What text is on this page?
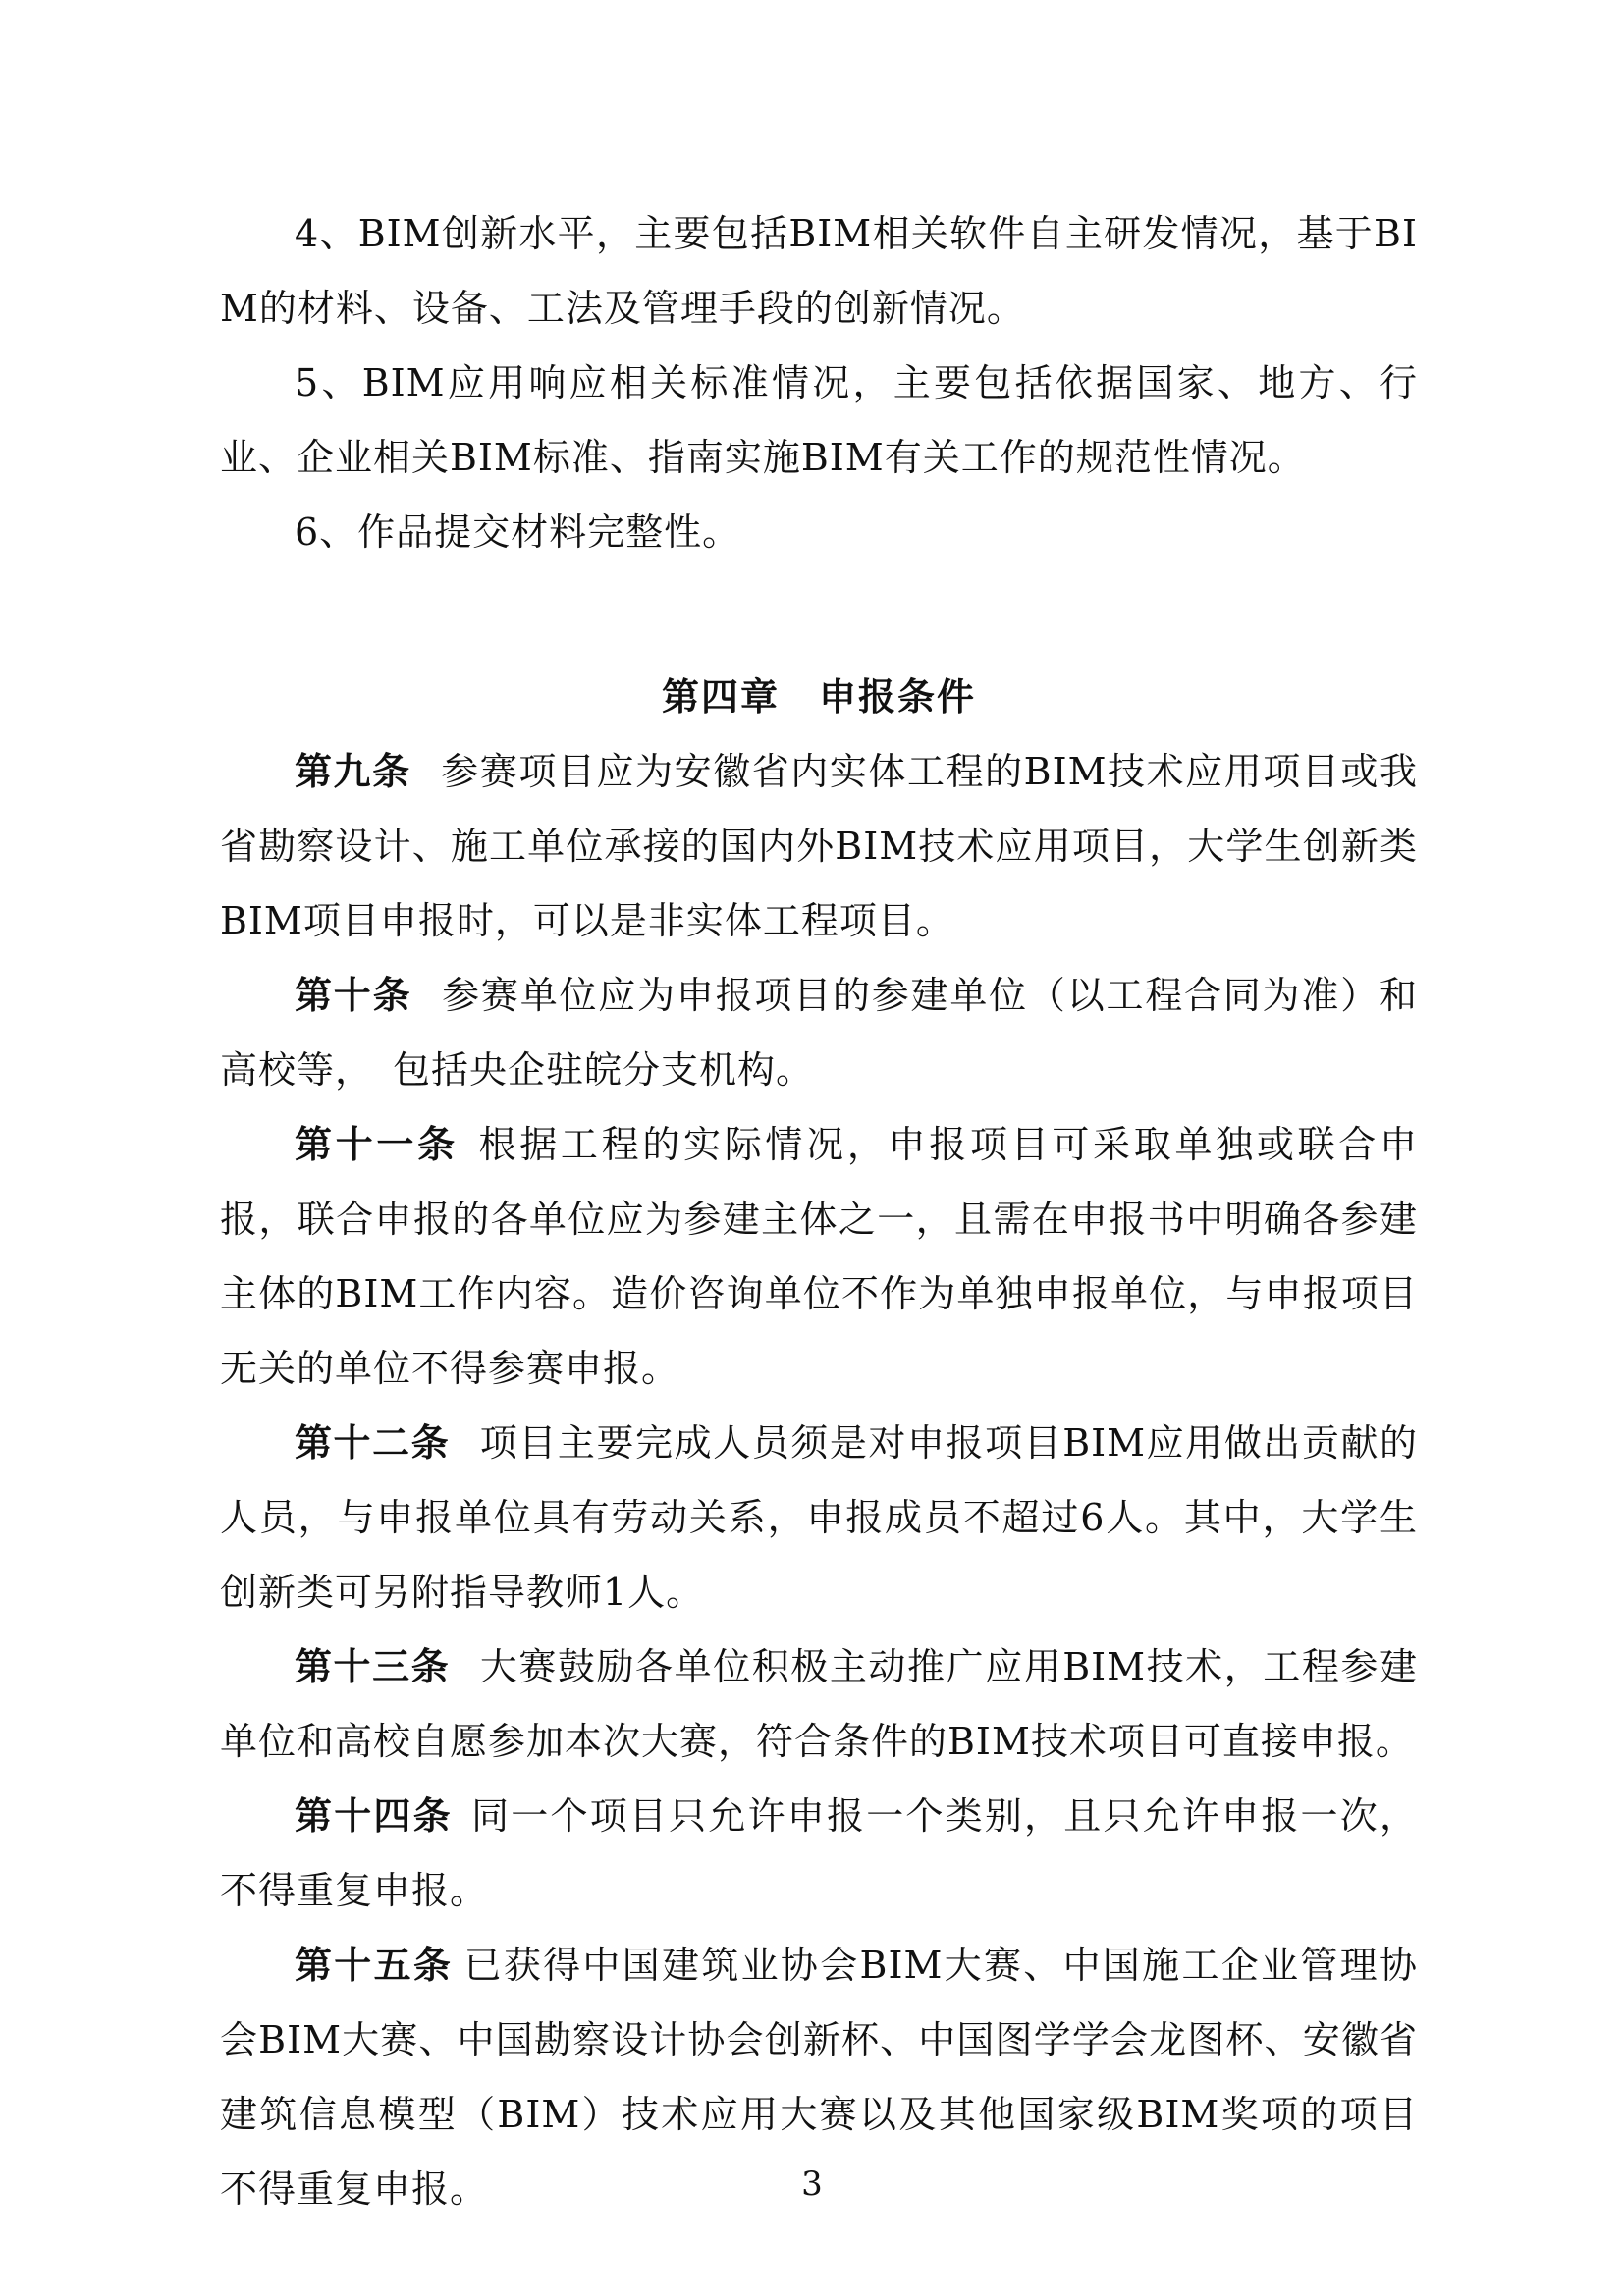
4、BIM创新水平，主要包括BIM相关软件自主研发情况，基于BIM的材料、设备、工法及管理手段的创新情况。

5、BIM应用响应相关标准情况，主要包括依据国家、地方、行业、企业相关BIM标准、指南实施BIM有关工作的规范性情况。

6、作品提交材料完整性。

第四章　申报条件

第九条 参赛项目应为安徽省内实体工程的BIM技术应用项目或我省勘察设计、施工单位承接的国内外BIM技术应用项目，大学生创新类BIM项目申报时，可以是非实体工程项目。

第十条 参赛单位应为申报项目的参建单位（以工程合同为准）和高校等，　包括央企驻皖分支机构。

第十一条 根据工程的实际情况，申报项目可采取单独或联合申报，联合申报的各单位应为参建主体之一，且需在申报书中明确各参建主体的BIM工作内容。造价咨询单位不作为单独申报单位，与申报项目无关的单位不得参赛申报。

第十二条 项目主要完成人员须是对申报项目BIM应用做出贡献的人员，与申报单位具有劳动关系，申报成员不超过6人。其中，大学生创新类可另附指导教师1人。

第十三条 大赛鼓励各单位积极主动推广应用BIM技术，工程参建单位和高校自愿参加本次大赛，符合条件的BIM技术项目可直接申报。

第十四条 同一个项目只允许申报一个类别，且只允许申报一次，不得重复申报。

第十五条 已获得中国建筑业协会BIM大赛、中国施工企业管理协会BIM大赛、中国勘察设计协会创新杯、中国图学学会龙图杯、安徽省建筑信息模型（BIM）技术应用大赛以及其他国家级BIM奖项的项目不得重复申报。	3
